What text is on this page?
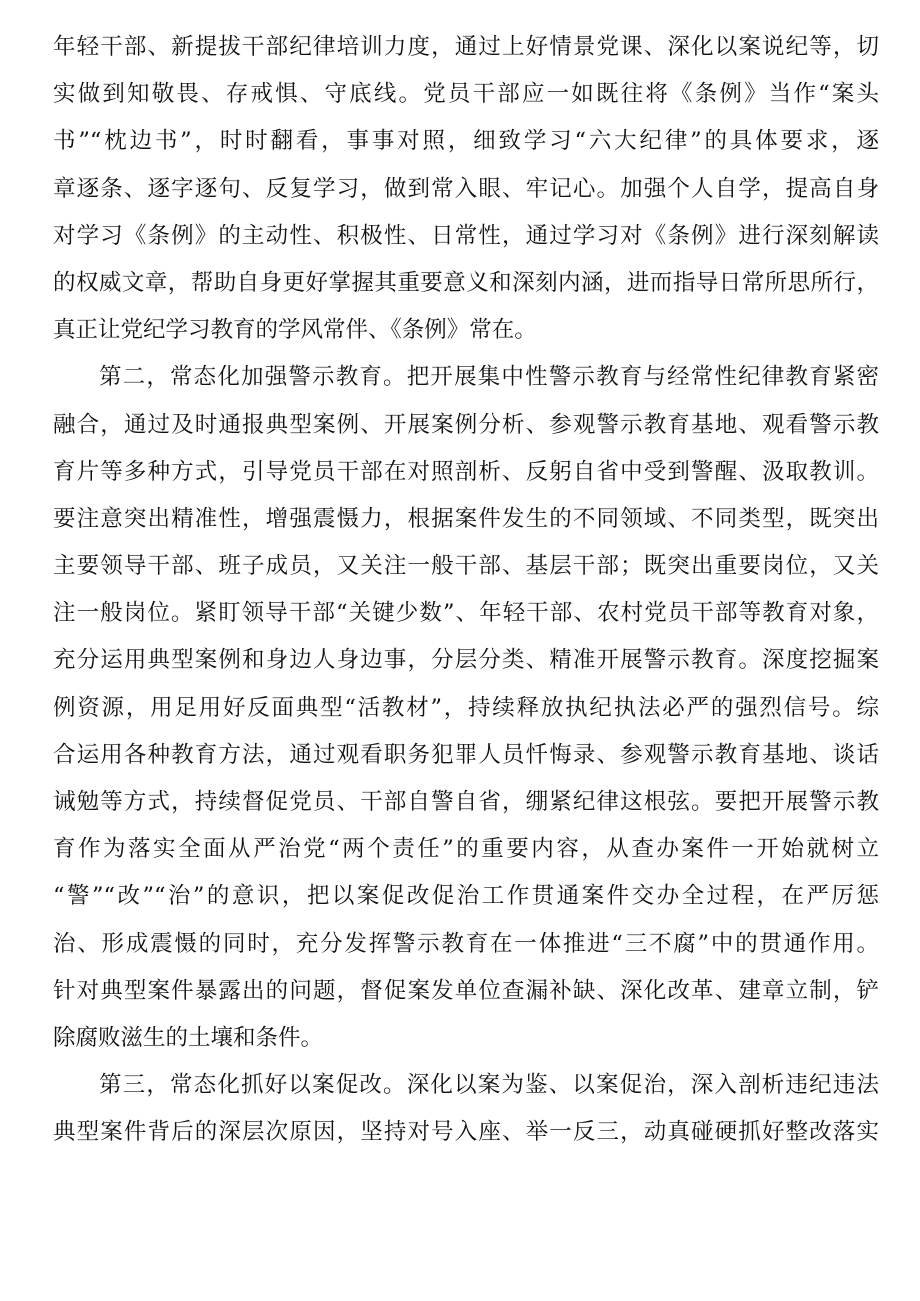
年轻干部、新提拔干部纪律培训力度，通过上好情景党课、深化以案说纪等，切
实做到知敬畏、存戒惧、守底线。党员干部应一如既往将《条例》当作“案头
书”“枕边书”，时时翻看，事事对照，细致学习“六大纪律”的具体要求，逐
章逐条、逐字逐句、反复学习，做到常入眼、牢记心。加强个人自学，提高自身
对学习《条例》的主动性、积极性、日常性，通过学习对《条例》进行深刻解读
的权威文章，帮助自身更好掌握其重要意义和深刻内涵，进而指导日常所思所行，
真正让党纪学习教育的学风常伴、《条例》常在。
第二，常态化加强警示教育。把开展集中性警示教育与经常性纪律教育紧密
融合，通过及时通报典型案例、开展案例分析、参观警示教育基地、观看警示教
育片等多种方式，引导党员干部在对照剖析、反躬自省中受到警醒、汲取教训。
要注意突出精准性，增强震慑力，根据案件发生的不同领域、不同类型，既突出
主要领导干部、班子成员，又关注一般干部、基层干部；既突出重要岗位，又关
注一般岗位。紧盯领导干部“关键少数”、年轻干部、农村党员干部等教育对象，
充分运用典型案例和身边人身边事，分层分类、精准开展警示教育。深度挖掘案
例资源，用足用好反面典型“活教材”，持续释放执纪执法必严的强烈信号。综
合运用各种教育方法，通过观看职务犯罪人员忏悔录、参观警示教育基地、谈话
诫勉等方式，持续督促党员、干部自警自省，绷紧纪律这根弦。要把开展警示教
育作为落实全面从严治党“两个责任”的重要内容，从查办案件一开始就树立
“警”“改”“治”的意识，把以案促改促治工作贯通案件交办全过程，在严厉惩
治、形成震慑的同时，充分发挥警示教育在一体推进“三不腐”中的贯通作用。
针对典型案件暴露出的问题，督促案发单位查漏补缺、深化改革、建章立制，铲
除腐败滋生的土壤和条件。
第三，常态化抓好以案促改。深化以案为鉴、以案促治，深入剖析违纪违法
典型案件背后的深层次原因，坚持对号入座、举一反三，动真碰硬抓好整改落实
